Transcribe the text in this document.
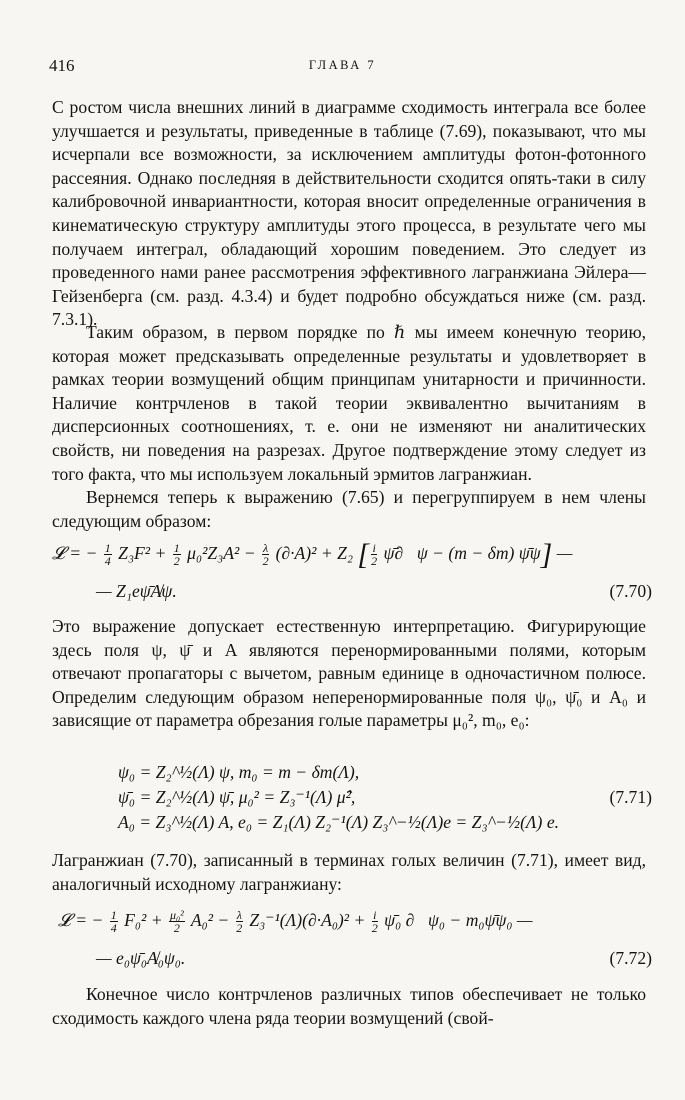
416	ГЛАВА 7

С ростом числа внешних линий в диаграмме сходимость интеграла все более улучшается и результаты, приведенные в таблице (7.69), показывают, что мы исчерпали все возможности, за исключением амплитуды фотон-фотонного рассеяния. Однако последняя в действительности сходится опять-таки в силу калибровочной инвариантности, которая вносит определенные ограничения в кинематическую структуру амплитуды этого процесса, в результате чего мы получаем интеграл, обладающий хорошим поведением. Это следует из проведенного нами ранее рассмотрения эффективного лагранжиана Эйлера—Гейзенберга (см. разд. 4.3.4) и будет подробно обсуждаться ниже (см. разд. 7.3.1).

Таким образом, в первом порядке по ℏ мы имеем конечную теорию, которая может предсказывать определенные результаты и удовлетворяет в рамках теории возмущений общим принципам унитарности и причинности. Наличие контрчленов в такой теории эквивалентно вычитаниям в дисперсионных соотношениях, т. е. они не изменяют ни аналитических свойств, ни поведения на разрезах. Другое подтверждение этому следует из того факта, что мы используем локальный эрмитов лагранжиан.

Вернемся теперь к выражению (7.65) и перегруппируем в нем члены следующим образом:

𝓛 = − $\frac{1}{4} Z_3F^2 + \frac{1}{2} \mu_0^2Z_3A^2 - \frac{\lambda}{2} (\partial\cdot A)^2 + Z_2$ [ $\frac{i}{2}$ ψ̄∂⃡ψ − (m − δm) ψ̄ψ] —
— Z₁eψ̄A̸ψ.	(7.70)

Это выражение допускает естественную интерпретацию. Фигурирующие здесь поля ψ, ψ̄ и A являются перенормированными полями, которым отвечают пропагаторы с вычетом, равным единице в одночастичном полюсе. Определим следующим образом неперенормированные поля ψ₀, ψ̄₀ и A₀ и зависящие от параметра обрезания голые параметры μ₀², m₀, e₀:

ψ₀ = Z₂^½(Λ) ψ, m₀ = m − δm(Λ),
ψ̄₀ = Z₂^½(Λ) ψ̄, μ₀² = Z₃⁻¹(Λ) μ̂²,
A₀ = Z₃^½(Λ) A, e₀ = Z₁(Λ) Z₂⁻¹(Λ) Z₃^−½(Λ)e = Z₃^−½(Λ) e.
(7.71)

Лагранжиан (7.70), записанный в терминах голых величин (7.71), имеет вид, аналогичный исходному лагранжиану:

𝓛 = − $\frac{1}{4} F_0^2 + \frac{\text{μ₀²}}{2} A_0^2 - \frac{\lambda}{2} Z_3^{-1}(\Lambda)(\partial\cdot A_0)^2 + \frac{i}{2}$ ψ̄₀ ∂⃡ψ₀ − m₀ψ̄ψ₀ —
— e₀ψ̄₀A̸₀ψ₀.	(7.72)

Конечное число контрчленов различных типов обеспечивает не только сходимость каждого члена ряда теории возмущений (свой-
